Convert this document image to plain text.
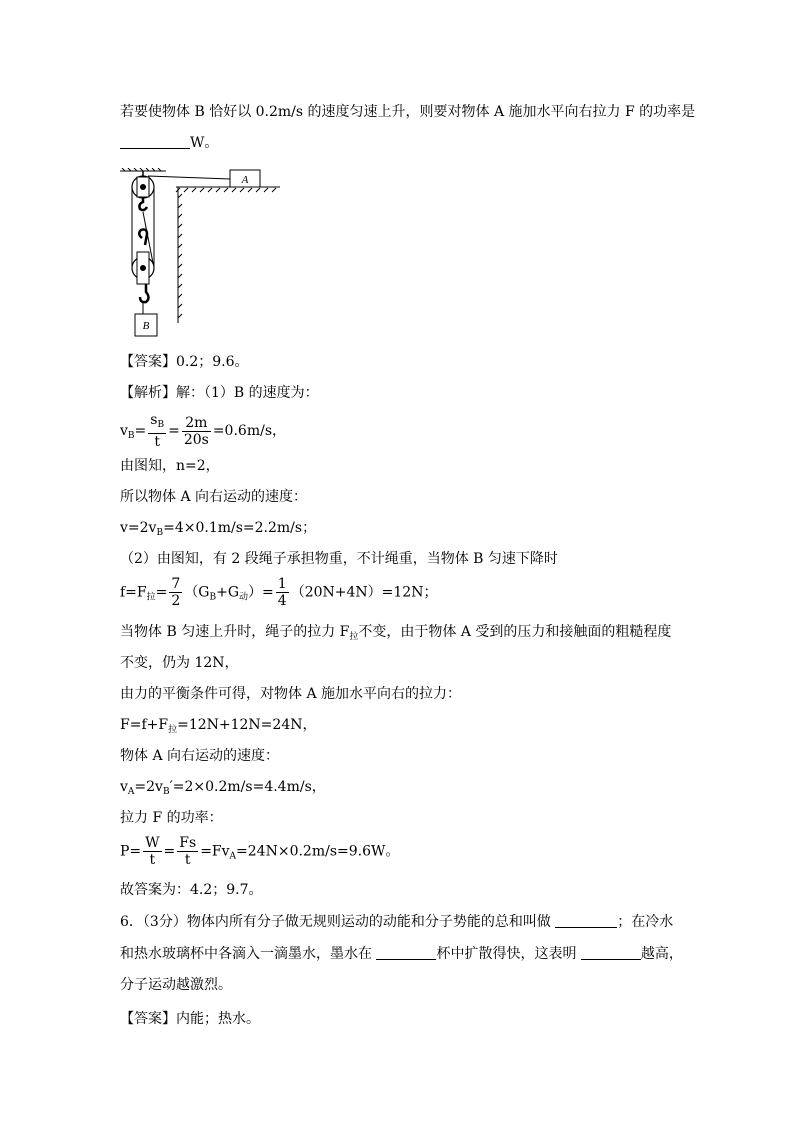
若要使物体 B 恰好以 0.2m/s 的速度匀速上升，则要对物体 A 施加水平向右拉力 F 的功率是
W。
A
B
【答案】0.2；9.6。
【解析】解：（1）B 的速度为：
$v_B= \frac{s_B}{t} = \frac{2m}{20s} =0.6m/s$，
由图知，n=2，
所以物体 A 向右运动的速度：
$v=2v_B=4\times 0.1m/s=2.2m/s$；
（2）由图知，有 2 段绳子承担物重，不计绳重，当物体 B 匀速下降时
$f=F_拉= \frac{7}{2} (G_B+G_动)= \frac{1}{4} (20N+4N)=12N$；
当物体 B 匀速上升时，绳子的拉力 $F_拉$不变，由于物体 A 受到的压力和接触面的粗糙程度
不变，仍为 12N，
由力的平衡条件可得，对物体 A 施加水平向右的拉力：
$F=f+F_拉=12N+12N=24N$，
物体 A 向右运动的速度：
$v_A=2v_B'=2\times 0.2m/s=4.4m/s$，
拉力 F 的功率：
$P= \frac{W}{t} = \frac{Fs}{t} =Fv_A=24N\times 0.2m/s=9.6W$。
故答案为：4.2；9.7。
6．（3分）物体内所有分子做无规则运动的动能和分子势能的总和叫做	；在冷水
和热水玻璃杯中各滴入一滴墨水，墨水在	杯中扩散得快，这表明	越高，
分子运动越激烈。
【答案】内能；热水。
